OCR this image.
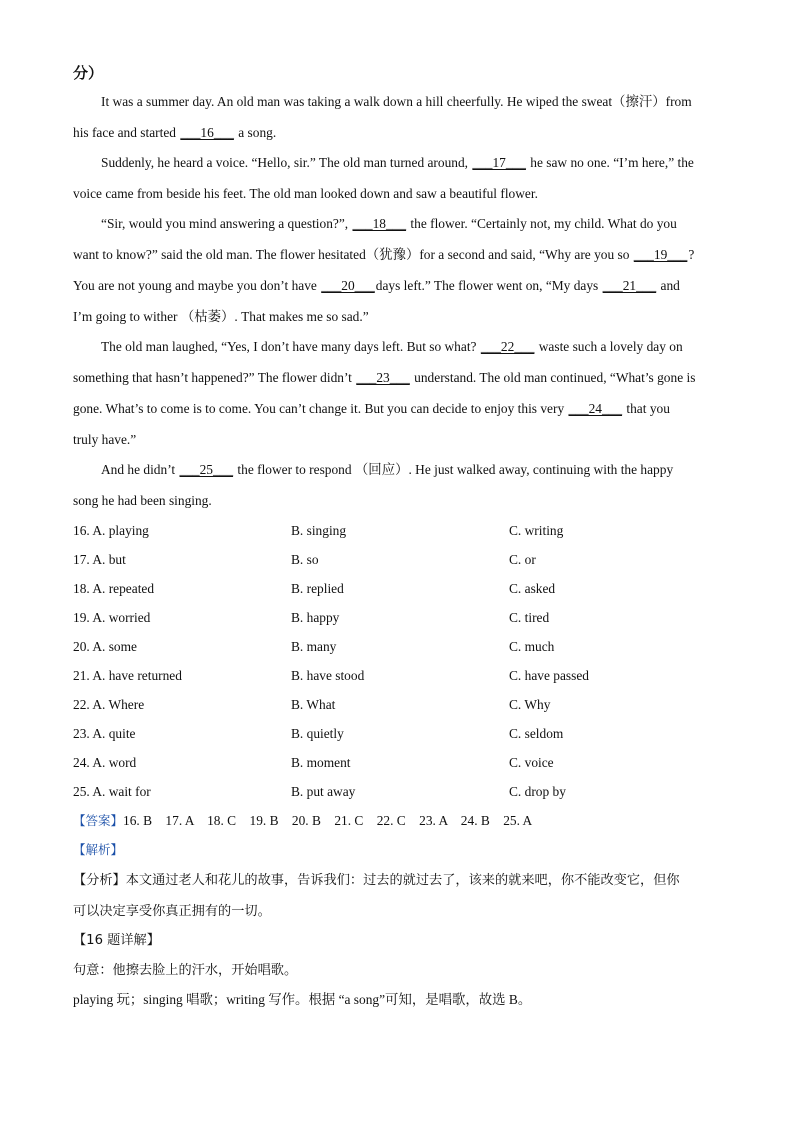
分）
It was a summer day. An old man was taking a walk down a hill cheerfully. He wiped the sweat（擦汗）from
his face and started ___16___ a song.
Suddenly, he heard a voice. “Hello, sir.” The old man turned around, ___17___ he saw no one. “I’m here,” the
voice came from beside his feet. The old man looked down and saw a beautiful flower.
“Sir, would you mind answering a question?”, ___18___ the flower. “Certainly not, my child. What do you
want to know?” said the old man. The flower hesitated（犹豫）for a second and said, “Why are you so ___19___?
You are not young and maybe you don’t have ___20___days left.” The flower went on, “My days ___21___ and
I’m going to wither （枯萎）. That makes me so sad.”
The old man laughed, “Yes, I don’t have many days left. But so what? ___22___ waste such a lovely day on
something that hasn’t happened?” The flower didn’t ___23___ understand. The old man continued, “What’s gone is
gone. What’s to come is to come. You can’t change it. But you can decide to enjoy this very ___24___ that you
truly have.”
And he didn’t ___25___ the flower to respond （回应）. He just walked away, continuing with the happy
song he had been singing.
16. A. playing	B. singing	C. writing
17. A. but	B. so	C. or
18. A. repeated	B. replied	C. asked
19. A. worried	B. happy	C. tired
20. A. some	B. many	C. much
21. A. have returned	B. have stood	C. have passed
22. A. Where	B. What	C. Why
23. A. quite	B. quietly	C. seldom
24. A. word	B. moment	C. voice
25. A. wait for	B. put away	C. drop by
【答案】16. B    17. A    18. C    19. B    20. B    21. C    22. C    23. A    24. B    25. A
【解析】
【分析】本文通过老人和花儿的故事，告诉我们：过去的就过去了，该来的就来吧，你不能改变它，但你
可以决定享受你真正拥有的一切。
【16 题详解】
句意：他擦去脸上的汗水，开始唱歌。
playing 玩；singing 唱歌；writing 写作。根据 “a song”可知，是唱歌，故选 B。
